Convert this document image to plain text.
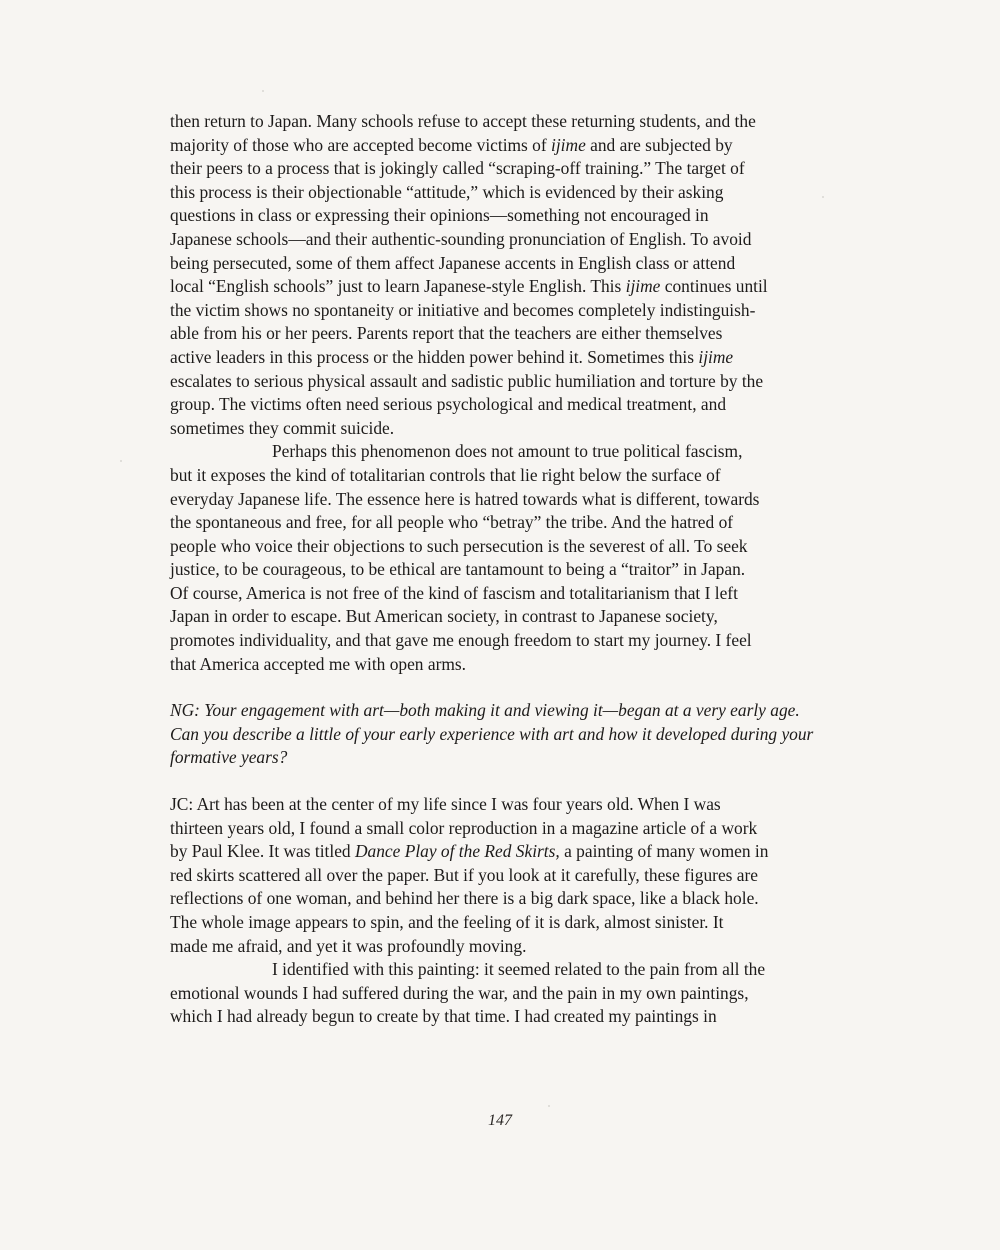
then return to Japan. Many schools refuse to accept these returning students, and the
majority of those who are accepted become victims of ijime and are subjected by
their peers to a process that is jokingly called “scraping-off training.” The target of
this process is their objectionable “attitude,” which is evidenced by their asking
questions in class or expressing their opinions—something not encouraged in
Japanese schools—and their authentic-sounding pronunciation of English. To avoid
being persecuted, some of them affect Japanese accents in English class or attend
local “English schools” just to learn Japanese-style English. This ijime continues until
the victim shows no spontaneity or initiative and becomes completely indistinguish-
able from his or her peers. Parents report that the teachers are either themselves
active leaders in this process or the hidden power behind it. Sometimes this ijime
escalates to serious physical assault and sadistic public humiliation and torture by the
group. The victims often need serious psychological and medical treatment, and
sometimes they commit suicide.
Perhaps this phenomenon does not amount to true political fascism,
but it exposes the kind of totalitarian controls that lie right below the surface of
everyday Japanese life. The essence here is hatred towards what is different, towards
the spontaneous and free, for all people who “betray” the tribe. And the hatred of
people who voice their objections to such persecution is the severest of all. To seek
justice, to be courageous, to be ethical are tantamount to being a “traitor” in Japan.
Of course, America is not free of the kind of fascism and totalitarianism that I left
Japan in order to escape. But American society, in contrast to Japanese society,
promotes individuality, and that gave me enough freedom to start my journey. I feel
that America accepted me with open arms.
NG: Your engagement with art—both making it and viewing it—began at a very early age.
Can you describe a little of your early experience with art and how it developed during your
formative years?
JC: Art has been at the center of my life since I was four years old. When I was
thirteen years old, I found a small color reproduction in a magazine article of a work
by Paul Klee. It was titled Dance Play of the Red Skirts, a painting of many women in
red skirts scattered all over the paper. But if you look at it carefully, these figures are
reflections of one woman, and behind her there is a big dark space, like a black hole.
The whole image appears to spin, and the feeling of it is dark, almost sinister. It
made me afraid, and yet it was profoundly moving.
I identified with this painting: it seemed related to the pain from all the
emotional wounds I had suffered during the war, and the pain in my own paintings,
which I had already begun to create by that time. I had created my paintings in
147
